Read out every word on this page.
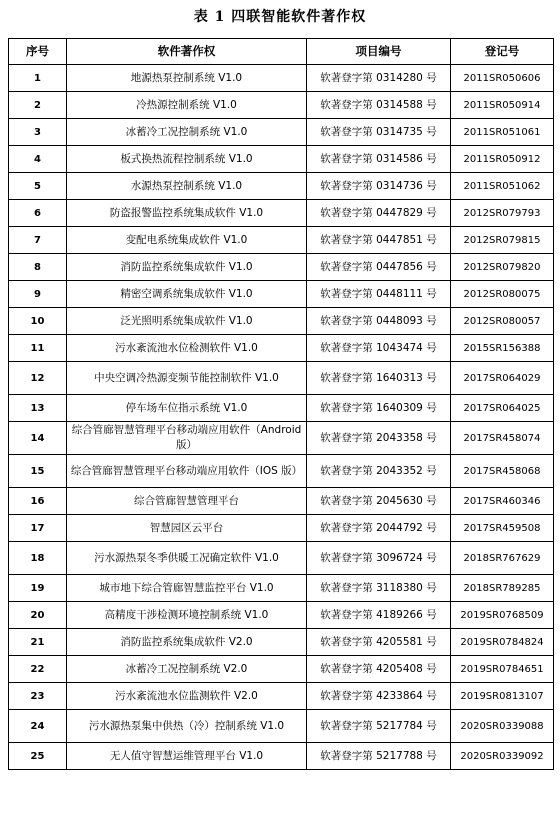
表 1 四联智能软件著作权
序号	软件著作权	项目编号	登记号
1	地源热泵控制系统 V1.0	软著登字第 0314280 号	2011SR050606
2	冷热源控制系统 V1.0	软著登字第 0314588 号	2011SR050914
3	冰蓄冷工况控制系统 V1.0	软著登字第 0314735 号	2011SR051061
4	板式换热流程控制系统 V1.0	软著登字第 0314586 号	2011SR050912
5	水源热泵控制系统 V1.0	软著登字第 0314736 号	2011SR051062
6	防盗报警监控系统集成软件 V1.0	软著登字第 0447829 号	2012SR079793
7	变配电系统集成软件 V1.0	软著登字第 0447851 号	2012SR079815
8	消防监控系统集成软件 V1.0	软著登字第 0447856 号	2012SR079820
9	精密空调系统集成软件 V1.0	软著登字第 0448111 号	2012SR080075
10	泛光照明系统集成软件 V1.0	软著登字第 0448093 号	2012SR080057
11	污水紊流池水位检测软件 V1.0	软著登字第 1043474 号	2015SR156388
12	中央空调冷热源变频节能控制软件 V1.0	软著登字第 1640313 号	2017SR064029
13	停车场车位指示系统 V1.0	软著登字第 1640309 号	2017SR064025
14	综合管廊智慧管理平台移动端应用软件（Android 版）	软著登字第 2043358 号	2017SR458074
15	综合管廊智慧管理平台移动端应用软件（IOS 版）	软著登字第 2043352 号	2017SR458068
16	综合管廊智慧管理平台	软著登字第 2045630 号	2017SR460346
17	智慧园区云平台	软著登字第 2044792 号	2017SR459508
18	污水源热泵冬季供暖工况确定软件 V1.0	软著登字第 3096724 号	2018SR767629
19	城市地下综合管廊智慧监控平台 V1.0	软著登字第 3118380 号	2018SR789285
20	高精度干涉检测环境控制系统 V1.0	软著登字第 4189266 号	2019SR0768509
21	消防监控系统集成软件 V2.0	软著登字第 4205581 号	2019SR0784824
22	冰蓄冷工况控制系统 V2.0	软著登字第 4205408 号	2019SR0784651
23	污水紊流池水位监测软件 V2.0	软著登字第 4233864 号	2019SR0813107
24	污水源热泵集中供热（冷）控制系统 V1.0	软著登字第 5217784 号	2020SR0339088
25	无人值守智慧运维管理平台 V1.0	软著登字第 5217788 号	2020SR0339092
